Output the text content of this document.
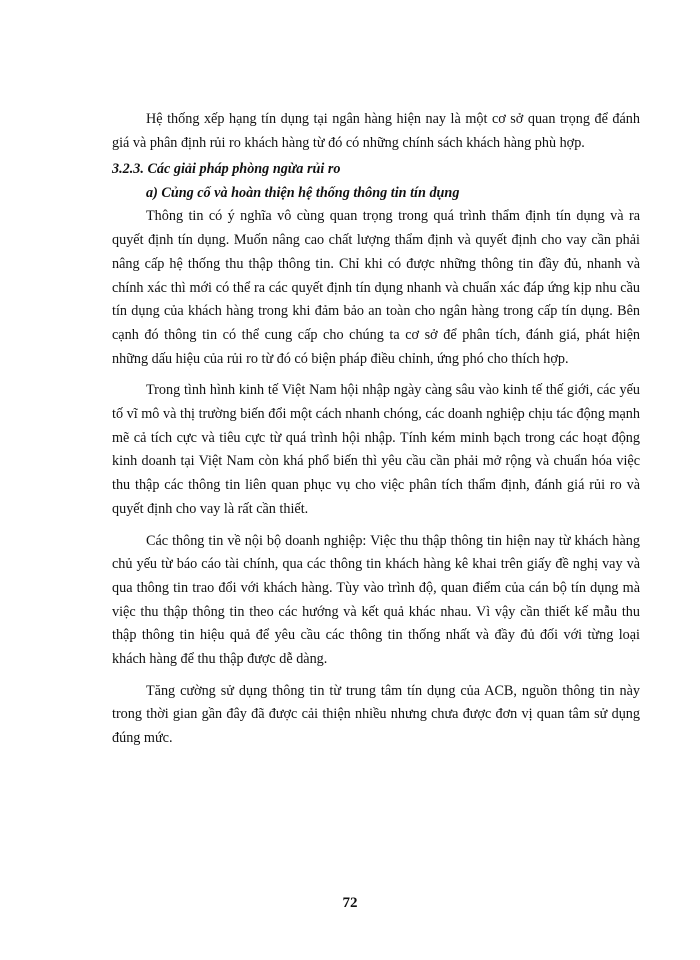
Hệ thống xếp hạng tín dụng tại ngân hàng hiện nay là một cơ sở quan trọng để đánh giá và phân định rủi ro khách hàng từ đó có những chính sách khách hàng phù hợp.

3.2.3. Các giải pháp phòng ngừa rủi ro

a) Củng cố và hoàn thiện hệ thống thông tin tín dụng

Thông tin có ý nghĩa vô cùng quan trọng trong quá trình thẩm định tín dụng và ra quyết định tín dụng. Muốn nâng cao chất lượng thẩm định và quyết định cho vay cần phải nâng cấp hệ thống thu thập thông tin. Chỉ khi có được những thông tin đầy đủ, nhanh và chính xác thì mới có thể ra các quyết định tín dụng nhanh và chuẩn xác đáp ứng kịp nhu cầu tín dụng của khách hàng trong khi đảm bảo an toàn cho ngân hàng trong cấp tín dụng. Bên cạnh đó thông tin có thể cung cấp cho chúng ta cơ sở để phân tích, đánh giá, phát hiện những dấu hiệu của rủi ro từ đó có biện pháp điều chỉnh, ứng phó cho thích hợp.

Trong tình hình kinh tế Việt Nam hội nhập ngày càng sâu vào kinh tế thế giới, các yếu tố vĩ mô và thị trường biến đổi một cách nhanh chóng, các doanh nghiệp chịu tác động mạnh mẽ cả tích cực và tiêu cực từ quá trình hội nhập. Tính kém minh bạch trong các hoạt động kinh doanh tại Việt Nam còn khá phổ biến thì yêu cầu cần phải mở rộng và chuẩn hóa việc thu thập các thông tin liên quan phục vụ cho việc phân tích thẩm định, đánh giá rủi ro và quyết định cho vay là rất cần thiết.

Các thông tin về nội bộ doanh nghiệp: Việc thu thập thông tin hiện nay từ khách hàng chủ yếu từ báo cáo tài chính, qua các thông tin khách hàng kê khai trên giấy đề nghị vay và qua thông tin trao đổi với khách hàng. Tùy vào trình độ, quan điểm của cán bộ tín dụng mà việc thu thập thông tin theo các hướng và kết quả khác nhau. Vì vậy cần thiết kế mẫu thu thập thông tin hiệu quả để yêu cầu các thông tin thống nhất và đầy đủ đối với từng loại khách hàng để thu thập được dễ dàng.

Tăng cường sử dụng thông tin từ trung tâm tín dụng của ACB, nguồn thông tin này trong thời gian gần đây đã được cải thiện nhiều nhưng chưa được đơn vị quan tâm sử dụng đúng mức.

72
